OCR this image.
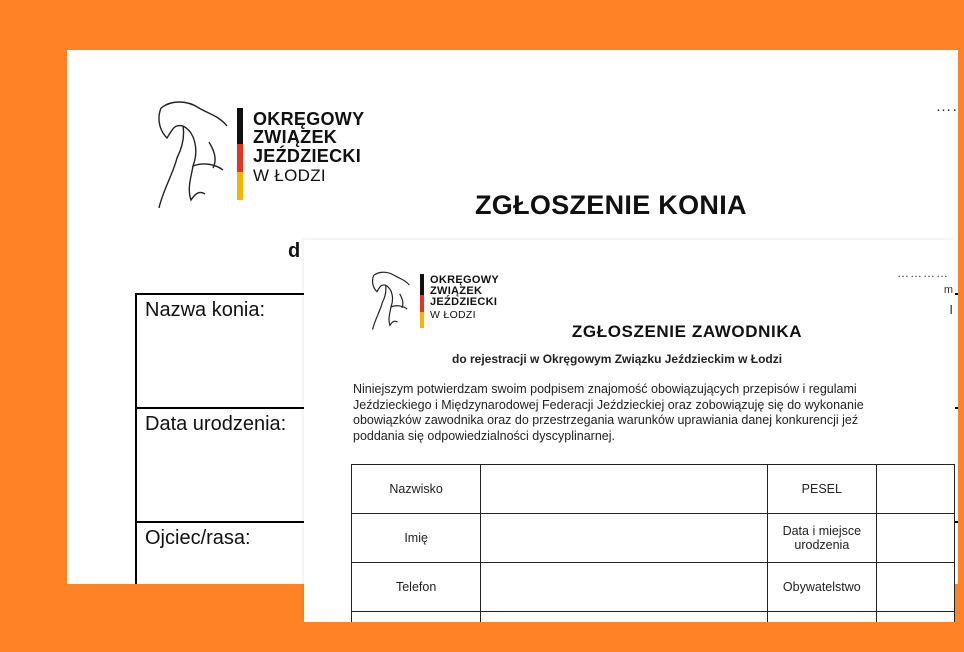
OKRĘGOWY
ZWIĄZEK
JEŹDZIECKI
W ŁODZI
….
ZGŁOSZENIE KONIA
d
Nazwa konia:
Data urodzenia:
Ojciec/rasa:
OKRĘGOWY
ZWIĄZEK
JEŹDZIECKI
W ŁODZI
…………
m
I
ZGŁOSZENIE ZAWODNIKA
do rejestracji w Okręgowym Związku Jeździeckim w Łodzi
Niniejszym potwierdzam swoim podpisem znajomość obowiązujących przepisów i regulami
Jeździeckiego i Międzynarodowej Federacji Jeździeckiej oraz zobowiązuję się do wykonanie
obowiązków zawodnika oraz do przestrzegania warunków uprawiania danej konkurencji jeź
poddania się odpowiedzialności dyscyplinarnej.
Nazwisko		PESEL	
Imię		Data i miejsce urodzenia	
Telefon		Obywatelstwo	
